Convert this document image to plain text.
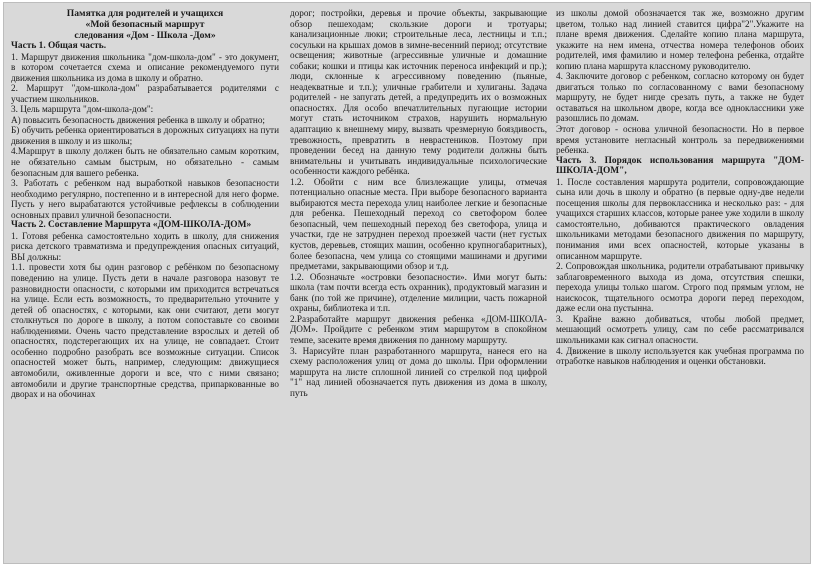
Памятка для родителей и учащихся

«Мой безопасный маршрут

следования «Дом - Школа -Дом»

Часть 1. Общая часть.

1. Маршрут движения школьника "дом-школа-дом" - это документ, в котором сочетается схема и описание рекомендуемого пути движения школьника из дома в школу и обратно.

2. Маршрут "дом-школа-дом" разрабатывается родителями с участием школьников.

3. Цель маршрута "дом-школа-дом":

А) повысить безопасность движения ребенка в школу и обратно;

Б) обучить ребенка ориентироваться в дорожных ситуациях на пути движения в школу и из школы;

4.Маршрут в школу должен быть не обязательно самым коротким, не обязательно самым быстрым, но обязательно - самым безопасным для вашего ребенка.

3. Работать с ребенком над выработкой навыков безопасности необходимо регулярно, постепенно и в интересной для него форме. Пусть у него вырабатаются устойчивые рефлексы в соблюдении основных правил уличной безопасности.

Часть 2. Составление Маршрута «ДОМ-ШКОЛА-ДОМ»

1. Готовя ребенка самостоятельно ходить в школу, для снижения риска детского травматизма и предупреждения опасных ситуаций, ВЫ должны:

1.1. провести хотя бы один разговор с ребёнком по безопасному поведению на улице. Пусть дети в начале разговора назовут те разновидности опасности, с которыми им приходится встречаться на улице. Если есть возможность, то предварительно уточните у детей об опасностях, с которыми, как они считают, дети могут столкнуться по дороге в школу, а потом сопоставьте со своими наблюдениями. Очень часто представление взрослых и детей об опасностях, подстерегающих их на улице, не совпадает. Стоит особенно подробно разобрать все возможные ситуации. Список опасностей может быть, например, следующим: движущиеся автомобили, оживленные дороги и все, что с ними связано; автомобили и другие транспортные средства, припаркованные во дворах и на обочинах

дорог; постройки, деревья и прочие объекты, закрывающие обзор пешеходам; скользкие дороги и тротуары; канализационные люки; строительные леса, лестницы и т.п.; сосульки на крышах домов в зимне-весенний период; отсутствие освещения; животные (агрессивные уличные и домашние собаки; кошки и птицы как источник переноса инфекций и пр.); люди, склонные к агрессивному поведению (пьяные, неадекватные и т.п.); уличные грабители и хулиганы. Задача родителей - не запугать детей, а предупредить их о возможных опасностях. Для особо впечатлительных пугающие истории могут стать источником страхов, нарушить нормальную адаптацию к внешнему миру, вызвать чрезмерную бояздивость, тревожность, превратить в неврастеников. Поэтому при проведении бесед на данную тему родители должны быть внимательны и учитывать индивидуальные психологические особенности каждого ребёнка.

1.2. Обойти с ним все близлежащие улицы, отмечая потенциально опасные места. При выборе безопасного варианта выбираются места перехода улиц наиболее легкие и безопасные для ребенка. Пешеходный переход со светофором более безопасный, чем пешеходный переход без светофора, улица и участки, где не затруднен переход проезжей части (нет густых кустов, деревьев, стоящих машин, особенно крупногабаритных), более безопасна, чем улица со стоящими машинами и другими предметами, закрывающими обзор и т.д.

1.2. Обозначьте «островки безопасности». Ими могут быть: школа (там почти всегда есть охранник), продуктовый магазин и банк (по той же причине), отделение милиции, часть пожарной охраны, библиотека и т.п.

2.Разработайте маршрут движения ребенка «ДОМ-ШКОЛА-ДОМ». Пройдите с ребенком этим маршрутом в спокойном темпе, засеките время движения по данному маршруту.

3. Нарисуйте план разработанного маршрута, нанеся его на схему расположения улиц от дома до школы. При оформлении маршрута на листе сплошной линией со стрелкой под цифрой "1" над линией обозначается путь движения из дома в школу, путь

из школы домой обозначается так же, возможно другим цветом, только над линией ставится цифра"2".Укажите на плане время движения. Сделайте копию плана маршрута, укажите на нем имена, отчества номера телефонов обоих родителей, имя фамилию и номер телефона ребенка, отдайте копию плана маршрута классному руководителю.

4. Заключите договор с ребенком, согласно которому он будет двигаться только по согласованному с вами безопасному маршруту, не будет нигде срезать путь, а также не будет оставаться на школьном дворе, когда все одноклассники уже разошлись по домам.

Этот договор - основа уличной безопасности. Но в первое время установите негласный контроль за передвижениями ребенка.

Часть 3. Порядок использования маршрута "ДОМ-ШКОЛА-ДОМ",

1. После составления маршрута родители, сопровождающие сына или дочь в школу и обратно (в первые одну-две недели посещения школы для первоклассника и несколько раз: - для учащихся старших классов, которые ранее уже ходили в школу самостоятельно, добиваются практического овладения школьниками методами безопасного движения по маршруту, понимания ими всех опасностей, которые указаны в описанном маршруте.

2. Сопровождая школьника, родители отрабатывают привычку заблаговременного выхода из дома, отсутствия спешки, перехода улицы только шагом. Строго под прямым углом, не наискосок, тщательного осмотра дороги перед переходом, даже если она пустынна.

3. Крайне важно добиваться, чтобы любой предмет, мешающий осмотреть улицу, сам по себе рассматривался школьниками как сигнал опасности.

4. Движение в школу используется как учебная программа по отработке навыков наблюдения и оценки обстановки.
